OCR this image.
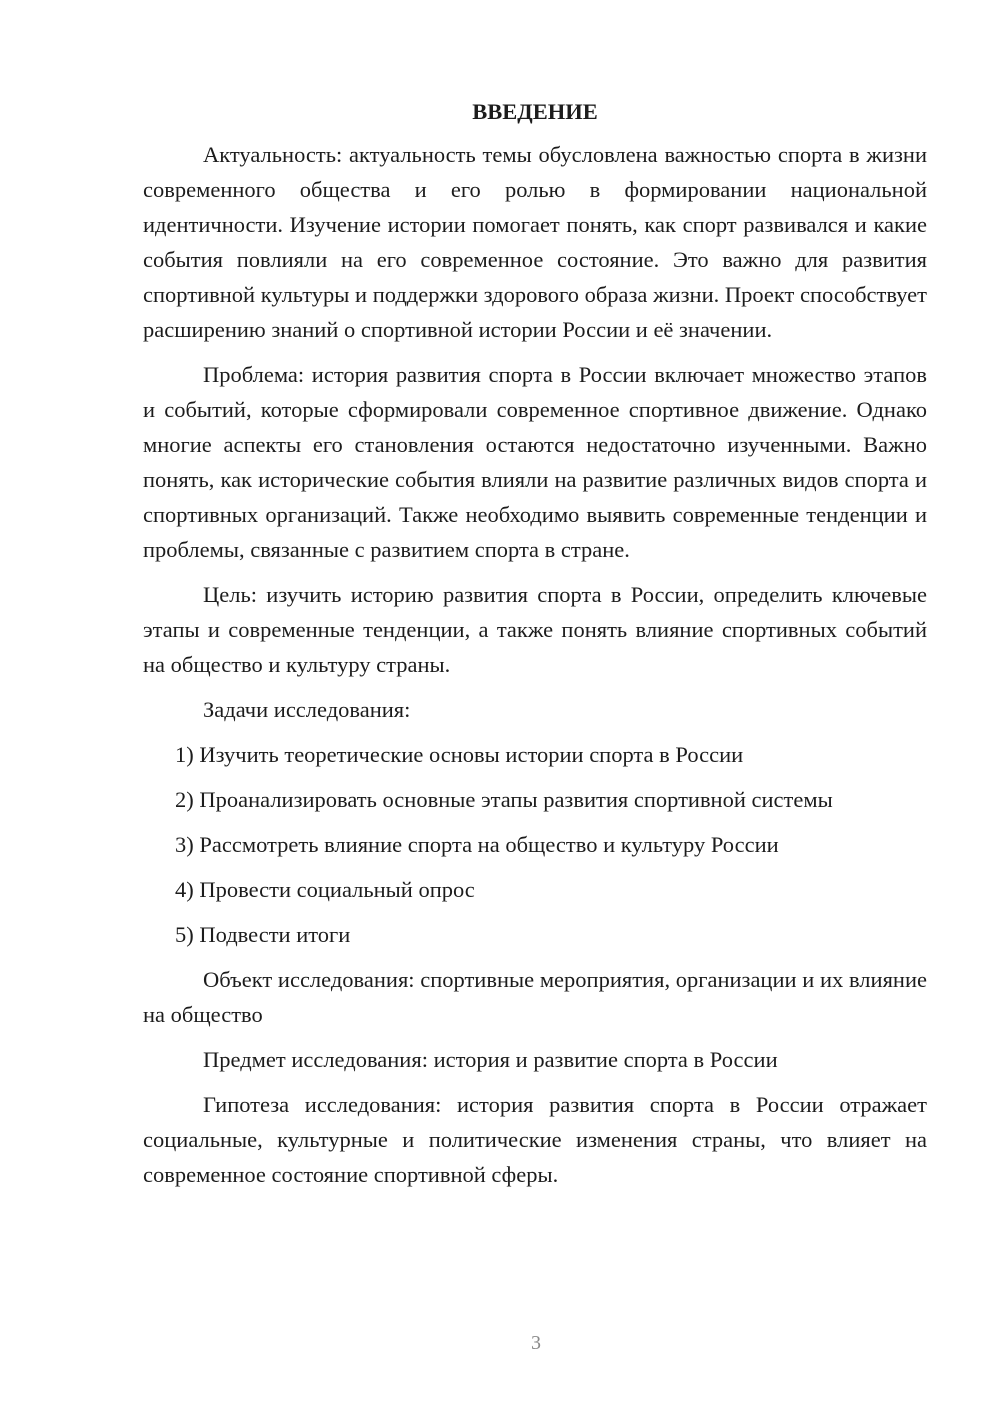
ВВЕДЕНИЕ

Актуальность: актуальность темы обусловлена важностью спорта в жизни современного общества и его ролью в формировании национальной идентичности. Изучение истории помогает понять, как спорт развивался и какие события повлияли на его современное состояние. Это важно для развития спортивной культуры и поддержки здорового образа жизни. Проект способствует расширению знаний о спортивной истории России и её значении.

Проблема: история развития спорта в России включает множество этапов и событий, которые сформировали современное спортивное движение. Однако многие аспекты его становления остаются недостаточно изученными. Важно понять, как исторические события влияли на развитие различных видов спорта и спортивных организаций. Также необходимо выявить современные тенденции и проблемы, связанные с развитием спорта в стране.

Цель: изучить историю развития спорта в России, определить ключевые этапы и современные тенденции, а также понять влияние спортивных событий на общество и культуру страны.

Задачи исследования:

1) Изучить теоретические основы истории спорта в России

2) Проанализировать основные этапы развития спортивной системы

3) Рассмотреть влияние спорта на общество и культуру России

4) Провести социальный опрос

5) Подвести итоги

Объект исследования: спортивные мероприятия, организации и их влияние на общество

Предмет исследования: история и развитие спорта в России

Гипотеза исследования: история развития спорта в России отражает социальные, культурные и политические изменения страны, что влияет на современное состояние спортивной сферы.

3
